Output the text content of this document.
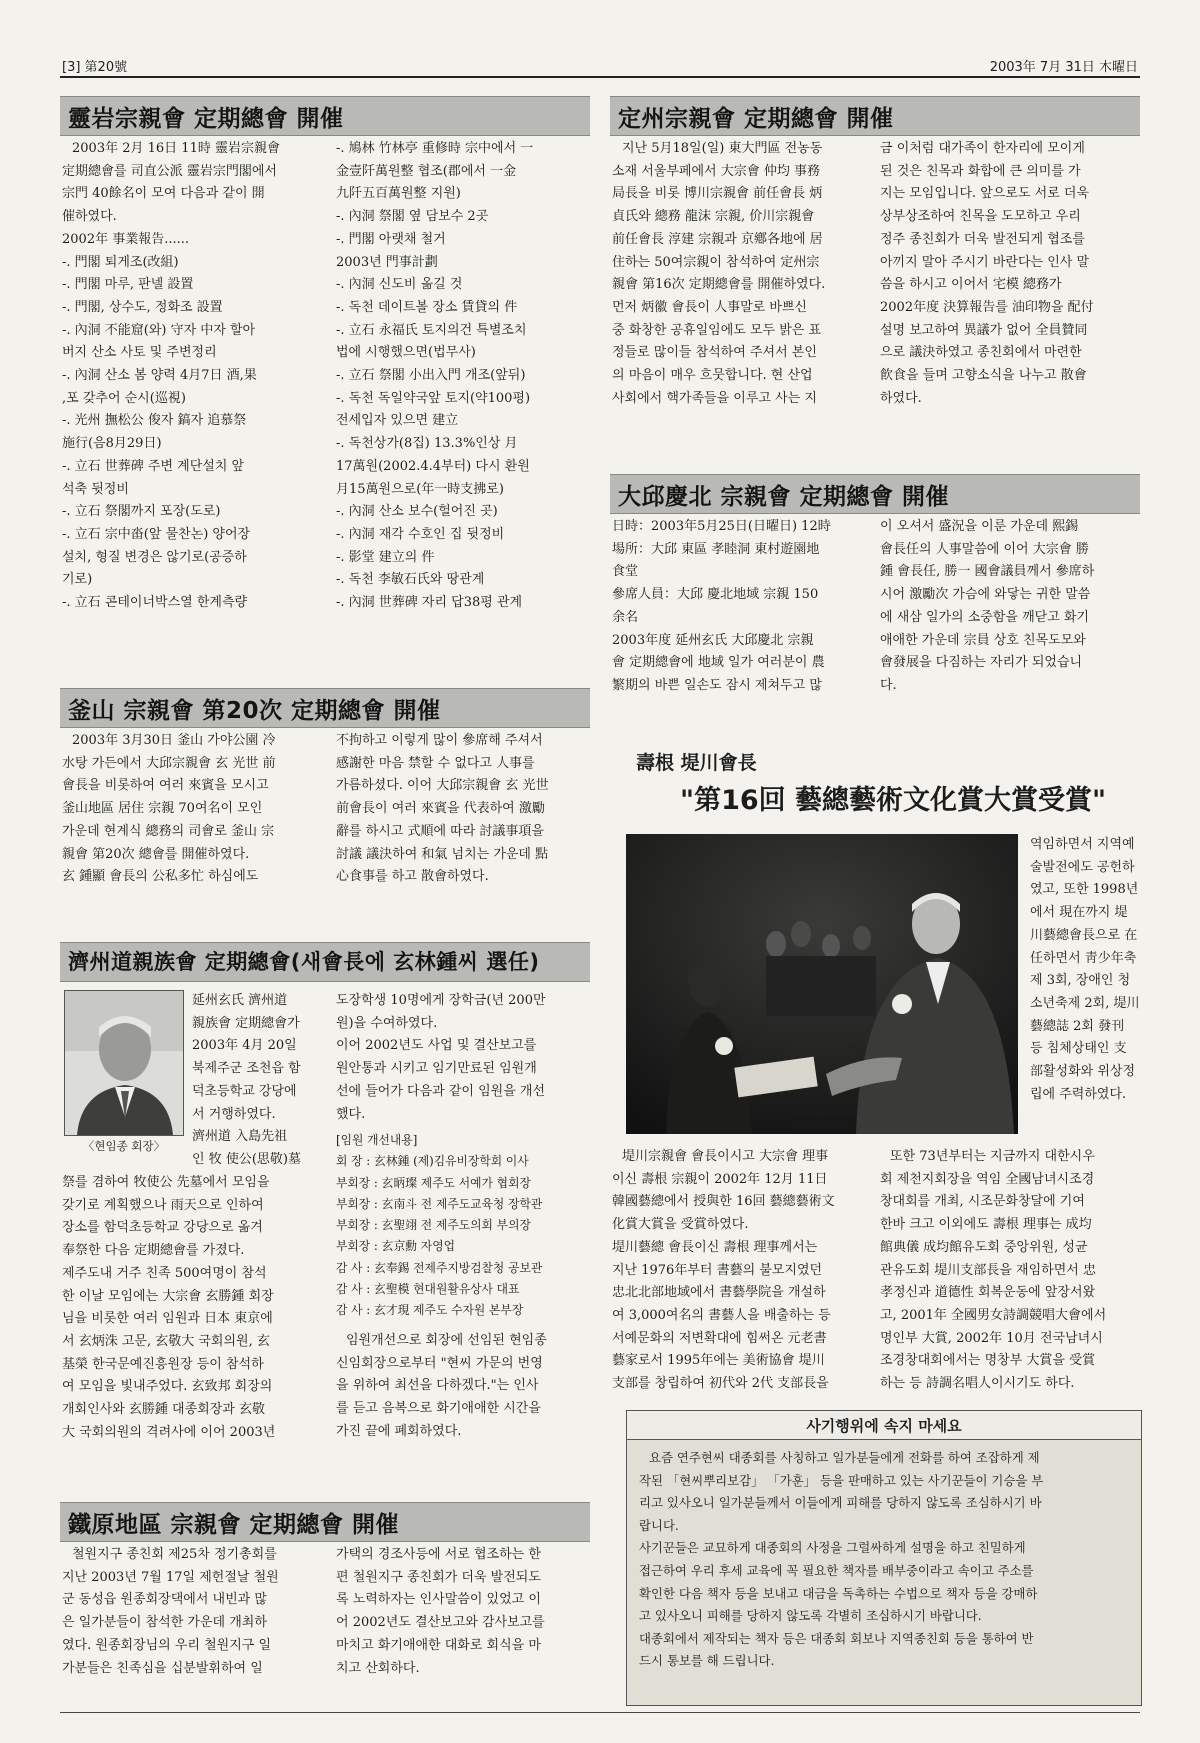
[3] 第20號	2003年 7月 31日 木曜日
靈岩宗親會 定期總會 開催

2003年 2月 16日 11時 靈岩宗親會
定期總會를 司直公派 靈岩宗門閣에서
宗門 40餘名이 모여 다음과 같이 開
催하였다.
2002年 事業報告......
-. 門閣 퇴게조(改組)
-. 門閣 마루, 판넬 設置
-. 門閣, 상수도, 정화조 設置
-. 內洞 不能窟(와) 守자 中자 할아
버지 산소 사토 및 주변정리
-. 內洞 산소 봄 양력 4月7日 酒,果
,포 갖추어 순시(巡視)
-. 光州 撫松公 俊자 鎬자 追慕祭
施行(음8月29日)
-. 立石 世葬碑 주변 계단설치 앞
석축 뒷정비
-. 立石 祭閣까지 포장(도로)
-. 立石 宗中畓(앞 물찬논) 양어장
설치, 형질 변경은 않기로(공증하
기로)
-. 立石 콘테이너박스열 한계측량

-. 鳩林 竹林亭 重修時 宗中에서 一
金壹阡萬원整 협조(郡에서 一金
九阡五百萬원整 지원)
-. 內洞 祭閣 옆 담보수 2곳
-. 門閣 아랫채 철거
2003년 門事計劃
-. 內洞 신도비 옮길 것
-. 독천 데이트볼 장소 賃貸의 件
-. 立石 永福氏 토지의건 특별조치
법에 시행했으면(법무사)
-. 立石 祭閣 小出入門 개조(앞뒤)
-. 독천 독일약국앞 토지(약100평)
전세입자 있으면 建立
-. 독천상가(8집) 13.3%인상 月
17萬원(2002.4.4부터) 다시 환원
月15萬원으로(年一時支拂로)
-. 內洞 산소 보수(헐어진 곳)
-. 內洞 재각 수호인 집 뒷정비
-. 影堂 建立의 件
-. 독천 李敏石氏와 땅관계
-. 內洞 世葬碑 자리 답38평 관계

定州宗親會 定期總會 開催

지난 5月18일(일) 東大門區 전농동
소재 서울부페에서 大宗會 仲均 事務
局長을 비롯 博川宗親會 前任會長 炳
貞氏와 總務 龍沫 宗親, 价川宗親會
前任會長 淳建 宗親과 京鄕各地에 居
住하는 50여宗親이 참석하여 定州宗
親會 第16次 定期總會를 開催하였다.
먼저 炳徽 會長이 人事말로 바쁘신
중 화창한 공휴일임에도 모두 밝은 표
정들로 많이들 참석하여 주셔서 본인
의 마음이 매우 흐뭇합니다. 현 산업
사회에서 핵가족들을 이루고 사는 지

금 이처럼 대가족이 한자리에 모이게
된 것은 친목과 화합에 큰 의미를 가
지는 모임입니다. 앞으로도 서로 더욱
상부상조하여 친목을 도모하고 우리
정주 종친회가 더욱 발전되게 협조를
아끼지 말아 주시기 바란다는 인사 말
씀을 하시고 이어서 宅模 總務가
2002年度 決算報告를 油印物을 配付
설명 보고하여 異議가 없어 全員贊同
으로 議決하였고 종친회에서 마련한
飮食을 들며 고향소식을 나누고 散會
하였다.

大邱慶北 宗親會 定期總會 開催

日時：2003年5月25日(日曜日) 12時
場所：大邱 東區 孝睦洞 東村遊園地
食堂
參席人員：大邱 慶北地域 宗親 150
余名
2003年度 延州玄氏 大邱慶北 宗親
會 定期總會에 地域 일가 여러분이 農
繁期의 바쁜 일손도 잠시 제쳐두고 많

이 오셔서 盛況을 이룬 가운데 熙錫
會長任의 人事말씀에 이어 大宗會 勝
鍾 會長任, 勝一 國會議員께서 參席하
시어 激勵次 가슴에 와닿는 귀한 말씀
에 새삼 일가의 소중함을 깨닫고 화기
애애한 가운데 宗員 상호 친목도모와
會發展을 다짐하는 자리가 되었습니
다.

釜山 宗親會 第20次 定期總會 開催

2003年 3月30日 釜山 가야公園 冷
水탕 가든에서 大邱宗親會 玄 光世 前
會長을 비롯하여 여러 來賓을 모시고
釜山地區 居住 宗親 70여名이 모인
가운데 현계식 總務의 司會로 釜山 宗
親會 第20次 總會를 開催하였다.
玄 鍾顯 會長의 公私多忙 하심에도

不拘하고 이렇게 많이 參席해 주셔서
感謝한 마음 禁할 수 없다고 人事를
가름하셨다. 이어 大邱宗親會 玄 光世
前會長이 여러 來賓을 代表하여 激勵
辭를 하시고 式順에 따라 討議事項을
討議 議決하여 和氣 넘치는 가운데 點
心食事를 하고 散會하였다.

濟州道親族會 定期總會(새會長에 玄林鍾씨 選任)
〈현임종 회장〉

延州玄氏 濟州道
親族會 定期總會가
2003年 4月 20일
북제주군 조천읍 함
덕초등학교 강당에
서 거행하였다.
濟州道 入島先祖
인 牧 使公(思敬)墓

祭를 겸하여 牧使公 先墓에서 모임을
갖기로 계획했으나 雨天으로 인하여
장소를 함덕초등학교 강당으로 옮겨
奉祭한 다음 定期總會를 가졌다.
제주도내 거주 친족 500여명이 참석
한 이날 모임에는 大宗會 玄勝鍾 회장
님을 비롯한 여러 임원과 日本 東京에
서 玄炳洙 고문, 玄敬大 국회의원, 玄
基榮 한국문예진흥원장 등이 참석하
여 모임을 빛내주었다. 玄致邦 회장의
개회인사와 玄勝鍾 대종회장과 玄敬
大 국회의원의 격려사에 이어 2003년

도장학생 10명에게 장학금(년 200만
원)을 수여하였다.
이어 2002년도 사업 및 결산보고를
원안통과 시키고 임기만료된 임원개
선에 들어가 다음과 같이 임원을 개선
했다.

[임원 개선내용]
회 장 : 玄林鍾 (제)김유비장학회 이사
부회장 : 玄昞璨 제주도 서예가 협회장
부회장 : 玄南斗 전 제주도교육청 장학관
부회장 : 玄聖翊 전 제주도의회 부의장
부회장 : 玄京勳 자영업
감 사 : 玄奉錫 전제주지방검찰청 공보관
감 사 : 玄聖模 현대원활유상사 대표
감 사 : 玄才現 제주도 수자원 본부장

임원개선으로 회장에 선임된 현임종
신임회장으로부터 "현씨 가문의 번영
을 위하여 최선을 다하겠다."는 인사
를 듣고 음복으로 화기애애한 시간을
가진 끝에 폐회하였다.

壽根 堤川會長
"第16回 藝總藝術文化賞大賞受賞"

역임하면서 지역예
술발전에도 공헌하
였고, 또한 1998년
에서 現在까지 堤
川藝總會長으로 在
任하면서 靑少年축
제 3회, 장애인 청
소년축제 2회, 堤川
藝總誌 2회 發刊
등 침체상태인 支
部활성화와 위상정
립에 주력하였다.

堤川宗親會 會長이시고 大宗會 理事
이신 壽根 宗親이 2002年 12月 11日
韓國藝總에서 授與한 16回 藝總藝術文
化賞大賞을 受賞하였다.
堤川藝總 會長이신 壽根 理事께서는
지난 1976年부터 書藝의 불모지였던
忠北北部地域에서 書藝學院을 개설하
여 3,000여名의 書藝人을 배출하는 등
서예문화의 저변확대에 힘써온 元老書
藝家로서 1995年에는 美術協會 堤川
支部를 창립하여 初代와 2代 支部長을

또한 73년부터는 지금까지 대한시우
회 제천지회장을 역임 全國남녀시조경
창대회를 개최, 시조문화창달에 기여
한바 크고 이외에도 壽根 理事는 成均
館典儀 成均館유도회 중앙위원, 성균
관유도회 堤川支部長을 재임하면서 忠
孝정신과 道德性 회복운동에 앞장서왔
고, 2001年 全國男女詩調競唱大會에서
명인부 大賞, 2002年 10月 전국남녀시
조경창대회에서는 명창부 大賞을 受賞
하는 등 詩調名唱人이시기도 하다.

사기행위에 속지 마세요

요즘 연주현씨 대종회를 사칭하고 일가분들에게 전화를 하여 조잡하게 제
작된 「현씨뿌리보감」 「가훈」 등을 판매하고 있는 사기꾼들이 기승을 부
리고 있사오니 일가분들께서 이들에게 피해를 당하지 않도록 조심하시기 바
랍니다.
사기꾼들은 교묘하게 대종회의 사정을 그럴싸하게 설명을 하고 친밀하게
접근하여 우리 후세 교육에 꼭 필요한 책자를 배부중이라고 속이고 주소를
확인한 다음 책자 등을 보내고 대금을 독촉하는 수법으로 책자 등을 강매하
고 있사오니 피해를 당하지 않도록 각별히 조심하시기 바랍니다.
대종회에서 제작되는 책자 등은 대종회 회보나 지역종친회 등을 통하여 반
드시 통보를 해 드립니다.

鐵原地區 宗親會 定期總會 開催

철원지구 종친회 제25차 정기총회를
지난 2003년 7월 17일 제헌절날 철원
군 동성읍 원종회장댁에서 내빈과 많
은 일가분들이 참석한 가운데 개최하
였다. 원종회장님의 우리 철원지구 일
가분들은 친족심을 십분발휘하여 일

가택의 경조사등에 서로 협조하는 한
편 철원지구 종친회가 더욱 발전되도
록 노력하자는 인사말씀이 있었고 이
어 2002년도 결산보고와 감사보고를
마치고 화기애애한 대화로 회식을 마
치고 산회하다.
